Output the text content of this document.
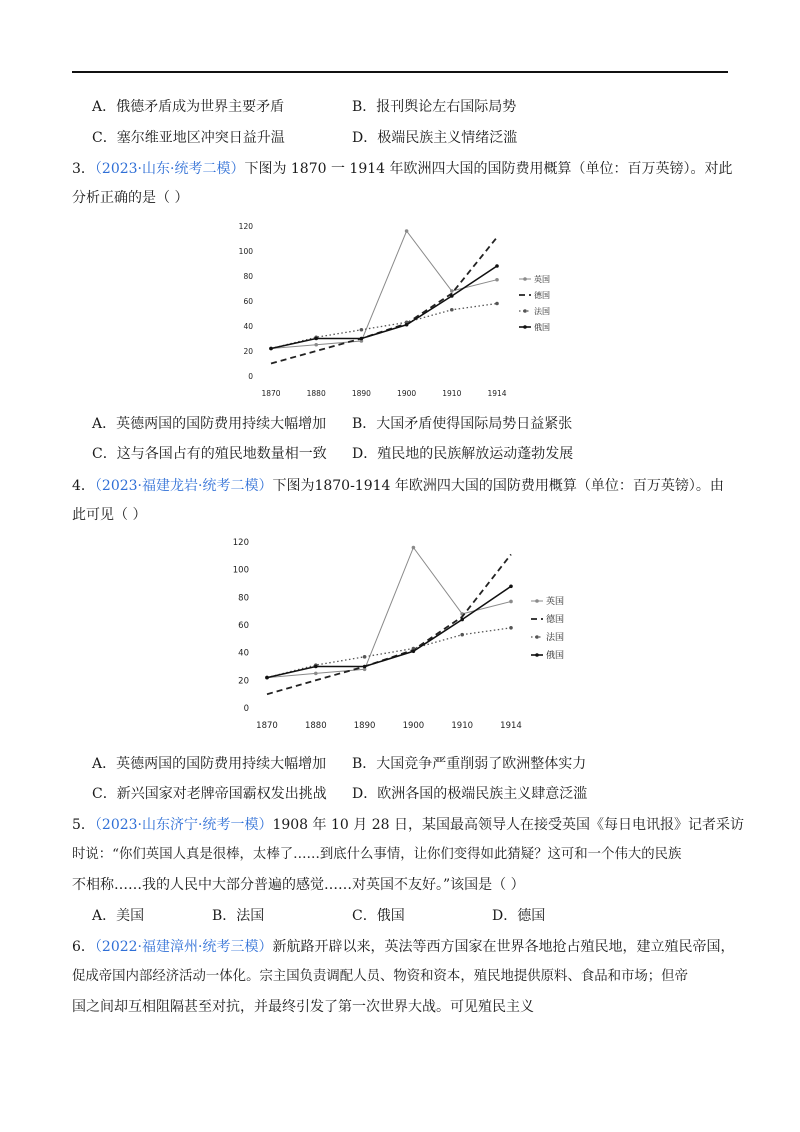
A．俄德矛盾成为世界主要矛盾	B．报刊舆论左右国际局势
C．塞尔维亚地区冲突日益升温	D．极端民族主义情绪泛滥
3．（2023·山东·统考二模）下图为 1870 一 1914 年欧洲四大国的国防费用概算（单位：百万英镑）。对此
分析正确的是（ ）
0
20
40
60
80
100
120
1870	1880	1890	1900	1910	1914
英国
德国
法国
俄国
A．英德两国的国防费用持续大幅增加 B．大国矛盾使得国际局势日益紧张
C．这与各国占有的殖民地数量相一致 D．殖民地的民族解放运动蓬勃发展
4．（2023·福建龙岩·统考二模）下图为1870-1914 年欧洲四大国的国防费用概算（单位：百万英镑）。由
此可见（ ）
0
20
40
60
80
100
120
1870	1880	1890	1900	1910	1914
英国
德国
法国
俄国
A．英德两国的国防费用持续大幅增加 B．大国竞争严重削弱了欧洲整体实力
C．新兴国家对老牌帝国霸权发出挑战 D．欧洲各国的极端民族主义肆意泛滥
5．（2023·山东济宁·统考一模）1908 年 10 月 28 日，某国最高领导人在接受英国《每日电讯报》记者采访
时说：“你们英国人真是很棒，太棒了……到底什么事情，让你们变得如此猜疑？这可和一个伟大的民族
不相称……我的人民中大部分普遍的感觉……对英国不友好。”该国是（ ）
A．美国	B．法国	C．俄国	D．德国
6．（2022·福建漳州·统考三模）新航路开辟以来，英法等西方国家在世界各地抢占殖民地，建立殖民帝国，
促成帝国内部经济活动一体化。宗主国负责调配人员、物资和资本，殖民地提供原料、食品和市场；但帝
国之间却互相阻隔甚至对抗，并最终引发了第一次世界大战。可见殖民主义
